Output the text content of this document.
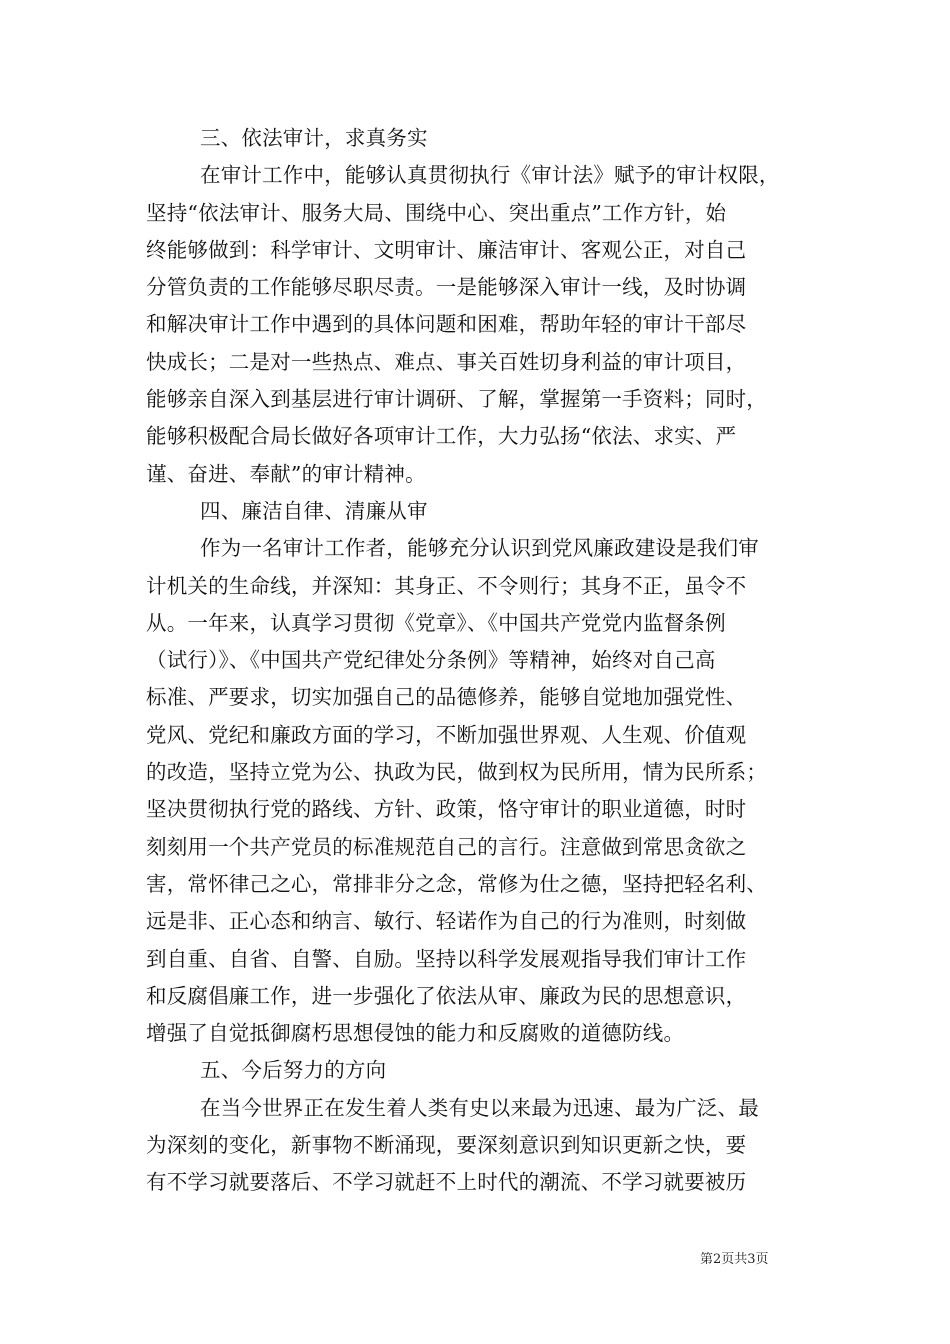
三、依法审计，求真务实
在审计工作中，能够认真贯彻执行《审计法》赋予的审计权限，
坚持“依法审计、服务大局、围绕中心、突出重点”工作方针，始
终能够做到：科学审计、文明审计、廉洁审计、客观公正，对自己
分管负责的工作能够尽职尽责。一是能够深入审计一线，及时协调
和解决审计工作中遇到的具体问题和困难，帮助年轻的审计干部尽
快成长；二是对一些热点、难点、事关百姓切身利益的审计项目，
能够亲自深入到基层进行审计调研、了解，掌握第一手资料；同时，
能够积极配合局长做好各项审计工作，大力弘扬“依法、求实、严
谨、奋进、奉献”的审计精神。
四、廉洁自律、清廉从审
作为一名审计工作者，能够充分认识到党风廉政建设是我们审
计机关的生命线，并深知：其身正、不令则行；其身不正，虽令不
从。一年来，认真学习贯彻《党章》、《中国共产党党内监督条例
（试行）》、《中国共产党纪律处分条例》等精神，始终对自己高
标准、严要求，切实加强自己的品德修养，能够自觉地加强党性、
党风、党纪和廉政方面的学习，不断加强世界观、人生观、价值观
的改造，坚持立党为公、执政为民，做到权为民所用，情为民所系；
坚决贯彻执行党的路线、方针、政策，恪守审计的职业道德，时时
刻刻用一个共产党员的标准规范自己的言行。注意做到常思贪欲之
害，常怀律己之心，常排非分之念，常修为仕之德，坚持把轻名利、
远是非、正心态和纳言、敏行、轻诺作为自己的行为准则，时刻做
到自重、自省、自警、自励。坚持以科学发展观指导我们审计工作
和反腐倡廉工作，进一步强化了依法从审、廉政为民的思想意识，
增强了自觉抵御腐朽思想侵蚀的能力和反腐败的道德防线。
五、今后努力的方向
在当今世界正在发生着人类有史以来最为迅速、最为广泛、最
为深刻的变化，新事物不断涌现，要深刻意识到知识更新之快，要
有不学习就要落后、不学习就赶不上时代的潮流、不学习就要被历
第2页共3页
